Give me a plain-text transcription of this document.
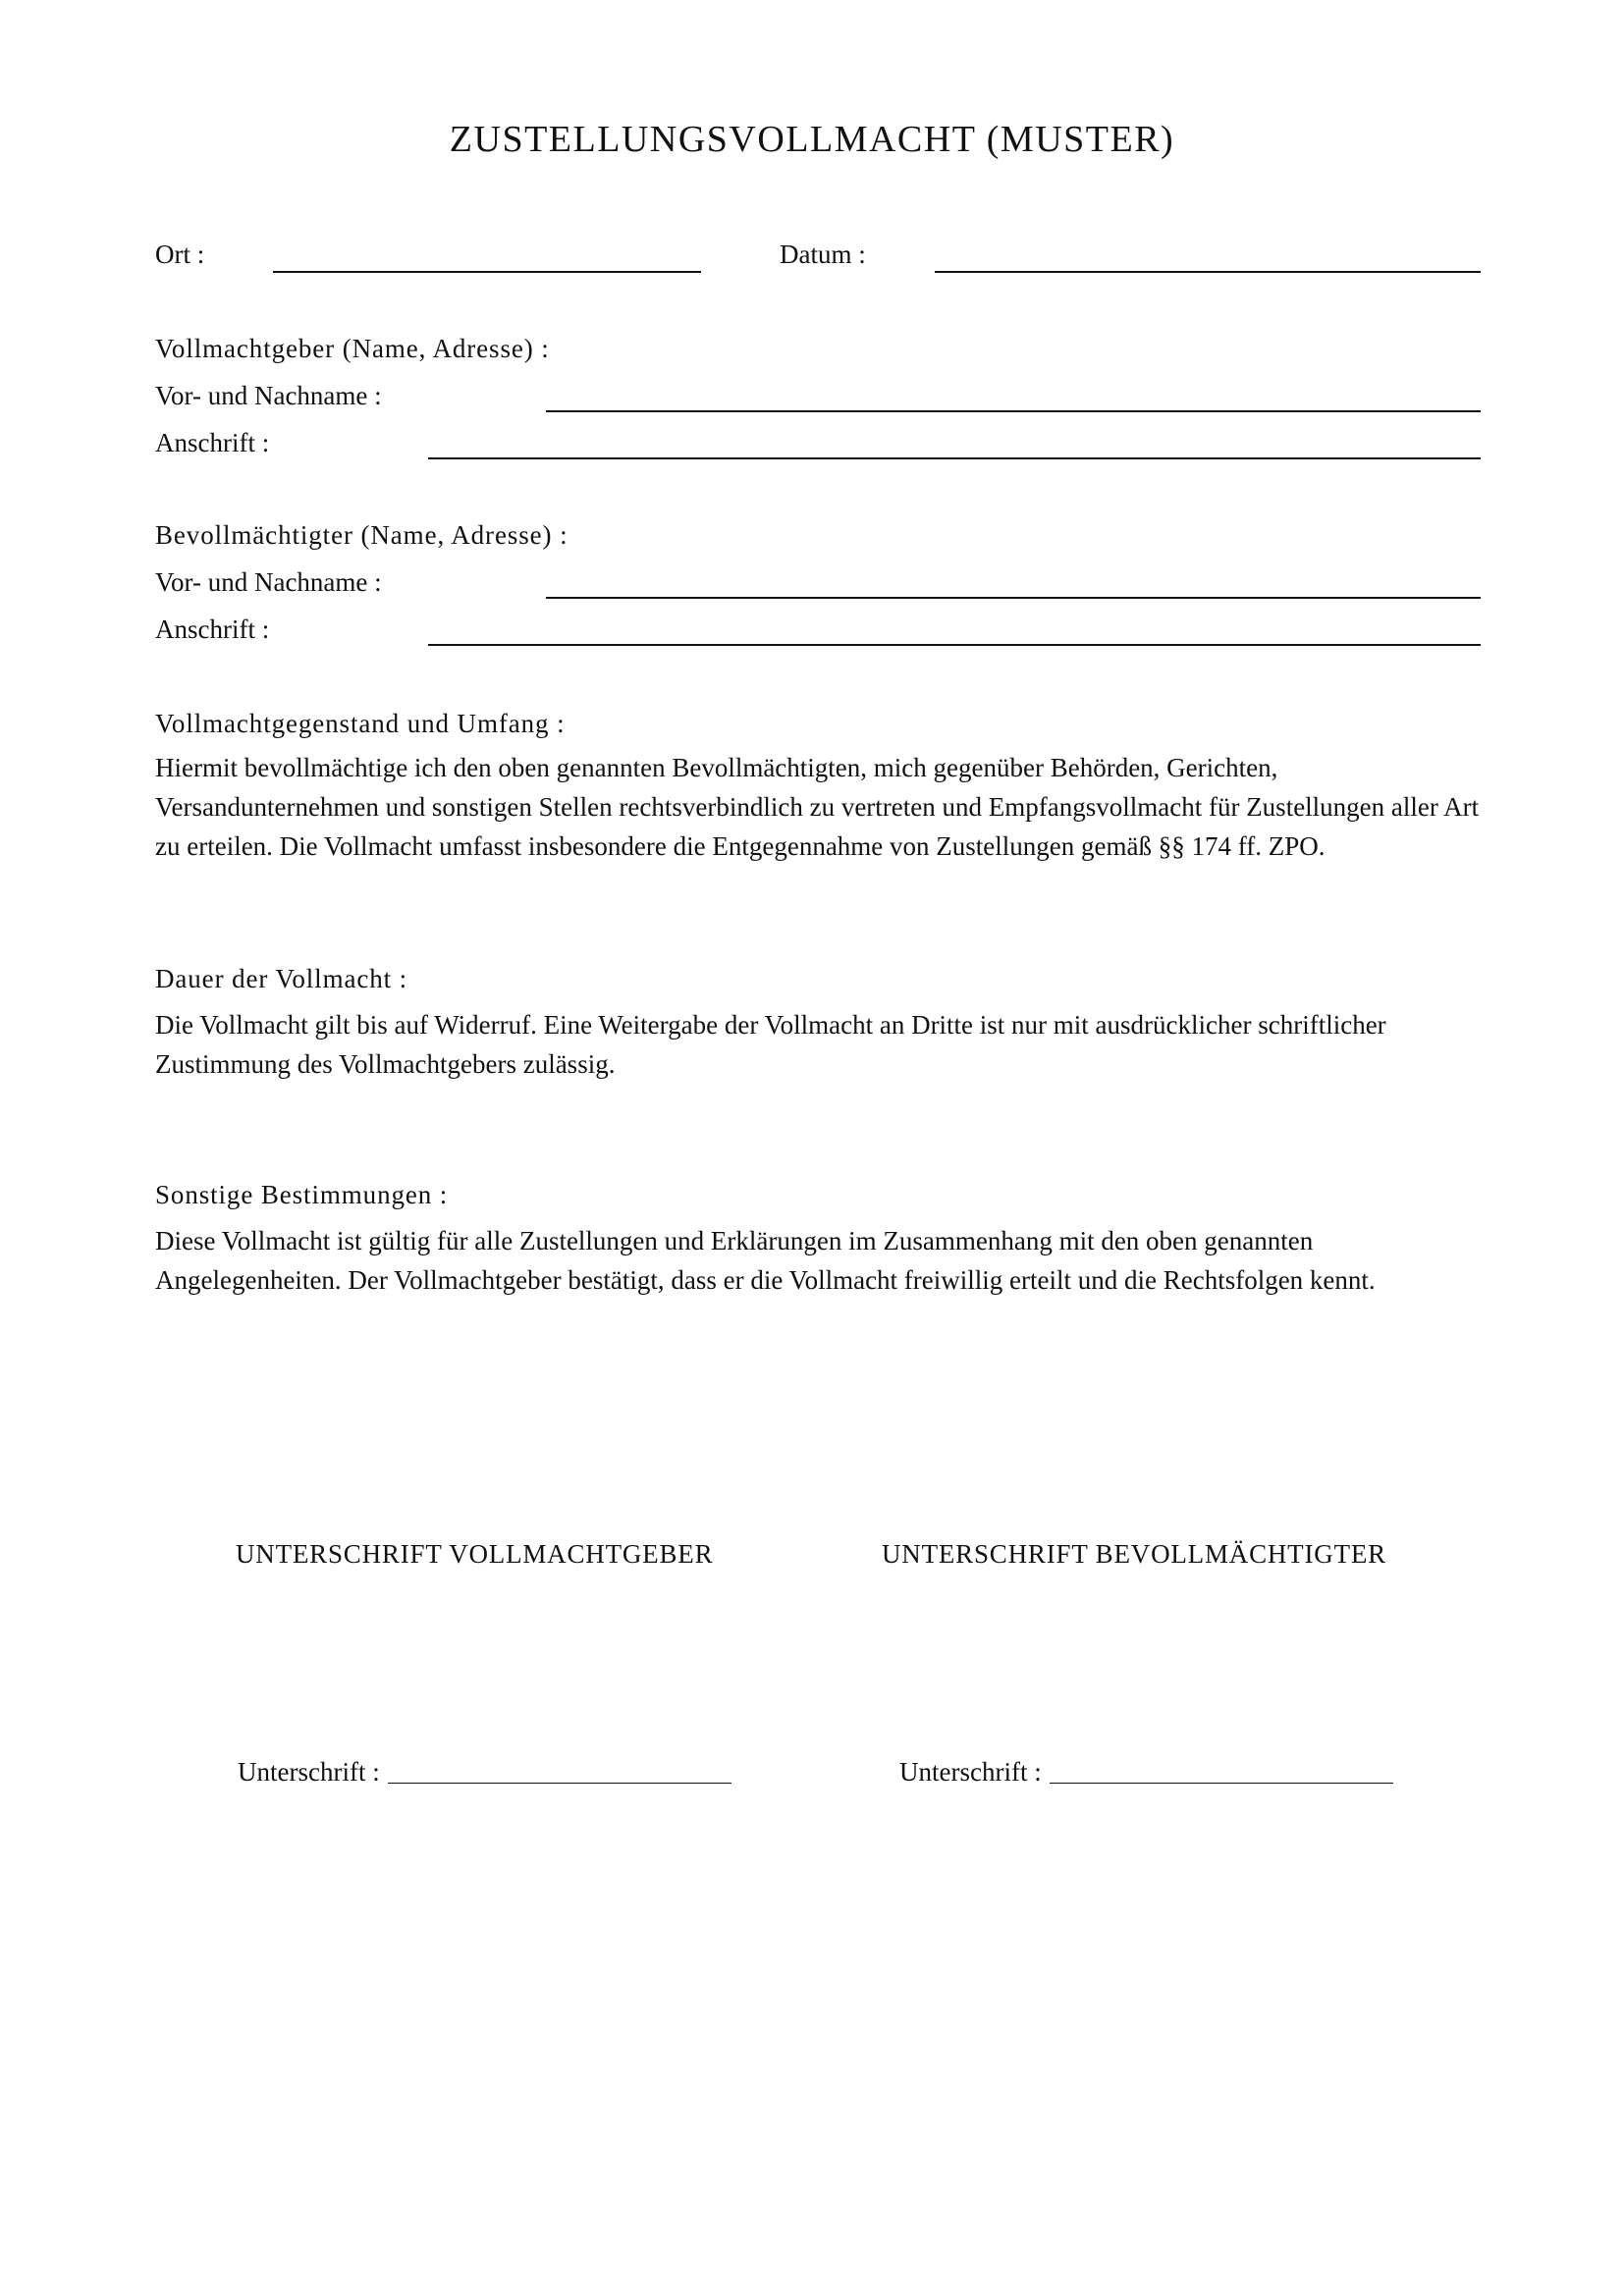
ZUSTELLUNGSVOLLMACHT (MUSTER)
Ort :	Datum :
Vollmachtgeber (Name, Adresse) :
Vor- und Nachname :
Anschrift :
Bevollmächtigter (Name, Adresse) :
Vor- und Nachname :
Anschrift :
Vollmachtgegenstand und Umfang :
Hiermit bevollmächtige ich den oben genannten Bevollmächtigten, mich gegenüber Behörden, Gerichten, Versandunternehmen und sonstigen Stellen rechtsverbindlich zu vertreten und Empfangsvollmacht für Zustellungen aller Art zu erteilen. Die Vollmacht umfasst insbesondere die Entgegennahme von Zustellungen gemäß §§ 174 ff. ZPO.
Dauer der Vollmacht :
Die Vollmacht gilt bis auf Widerruf. Eine Weitergabe der Vollmacht an Dritte ist nur mit ausdrücklicher schriftlicher Zustimmung des Vollmachtgebers zulässig.
Sonstige Bestimmungen :
Diese Vollmacht ist gültig für alle Zustellungen und Erklärungen im Zusammenhang mit den oben genannten Angelegenheiten. Der Vollmachtgeber bestätigt, dass er die Vollmacht freiwillig erteilt und die Rechtsfolgen kennt.
UNTERSCHRIFT VOLLMACHTGEBER	UNTERSCHRIFT BEVOLLMÄCHTIGTER
Unterschrift :	Unterschrift :
